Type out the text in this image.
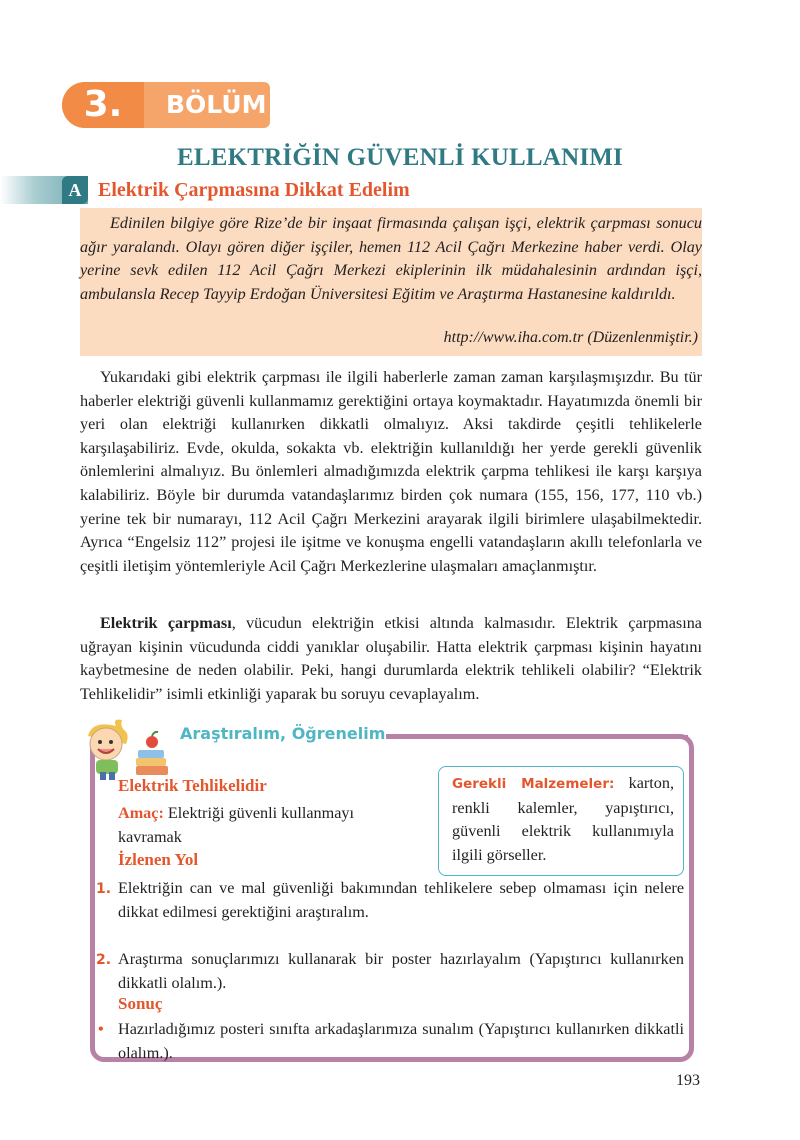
3.	BÖLÜM
ELEKTRİĞİN GÜVENLİ KULLANIMI
A Elektrik Çarpmasına Dikkat Edelim
Edinilen bilgiye göre Rize’de bir inşaat firmasında çalışan işçi, elektrik çarpması sonucu ağır yaralandı. Olayı gören diğer işçiler, hemen 112 Acil Çağrı Merkezine haber verdi. Olay yerine sevk edilen 112 Acil Çağrı Merkezi ekiplerinin ilk müdahalesinin ardından işçi, ambulansla Recep Tayyip Erdoğan Üniversitesi Eğitim ve Araştırma Hastanesine kaldırıldı.
http://www.iha.com.tr (Düzenlenmiştir.)
Yukarıdaki gibi elektrik çarpması ile ilgili haberlerle zaman zaman karşılaşmışızdır. Bu tür haberler elektriği güvenli kullanmamız gerektiğini ortaya koymaktadır. Hayatımızda önemli bir yeri olan elektriği kullanırken dikkatli olmalıyız. Aksi takdirde çeşitli tehlikelerle karşılaşabiliriz. Evde, okulda, sokakta vb. elektriğin kullanıldığı her yerde gerekli güvenlik önlemlerini almalıyız. Bu önlemleri almadığımızda elektrik çarpma tehlikesi ile karşı karşıya kalabiliriz. Böyle bir durumda vatandaşlarımız birden çok numara (155, 156, 177, 110 vb.) yerine tek bir numarayı, 112 Acil Çağrı Merkezini arayarak ilgili birimlere ulaşabilmektedir. Ayrıca “Engelsiz 112” projesi ile işitme ve konuşma engelli vatandaşların akıllı telefonlarla ve çeşitli iletişim yöntemleriyle Acil Çağrı Merkezlerine ulaşmaları amaçlanmıştır.
Elektrik çarpması, vücudun elektriğin etkisi altında kalmasıdır. Elektrik çarpmasına uğrayan kişinin vücudunda ciddi yanıklar oluşabilir. Hatta elektrik çarpması kişinin hayatını kaybetmesine de neden olabilir. Peki, hangi durumlarda elektrik tehlikeli olabilir? “Elektrik Tehlikelidir” isimli etkinliği yaparak bu soruyu cevaplayalım.
Araştıralım, Öğrenelim
Gerekli Malzemeler: karton, renkli kalemler, yapıştırıcı, güvenli elektrik kullanımıyla ilgili görseller.
Elektrik Tehlikelidir
Amaç: Elektriği güvenli kullanmayı kavramak
İzlenen Yol
1. Elektriğin can ve mal güvenliği bakımından tehlikelere sebep olmaması için nelere dikkat edilmesi gerektiğini araştıralım.
2. Araştırma sonuçlarımızı kullanarak bir poster hazırlayalım (Yapıştırıcı kullanırken dikkatli olalım.).
Sonuç
• Hazırladığımız posteri sınıfta arkadaşlarımıza sunalım (Yapıştırıcı kullanırken dikkatli olalım.).
193
